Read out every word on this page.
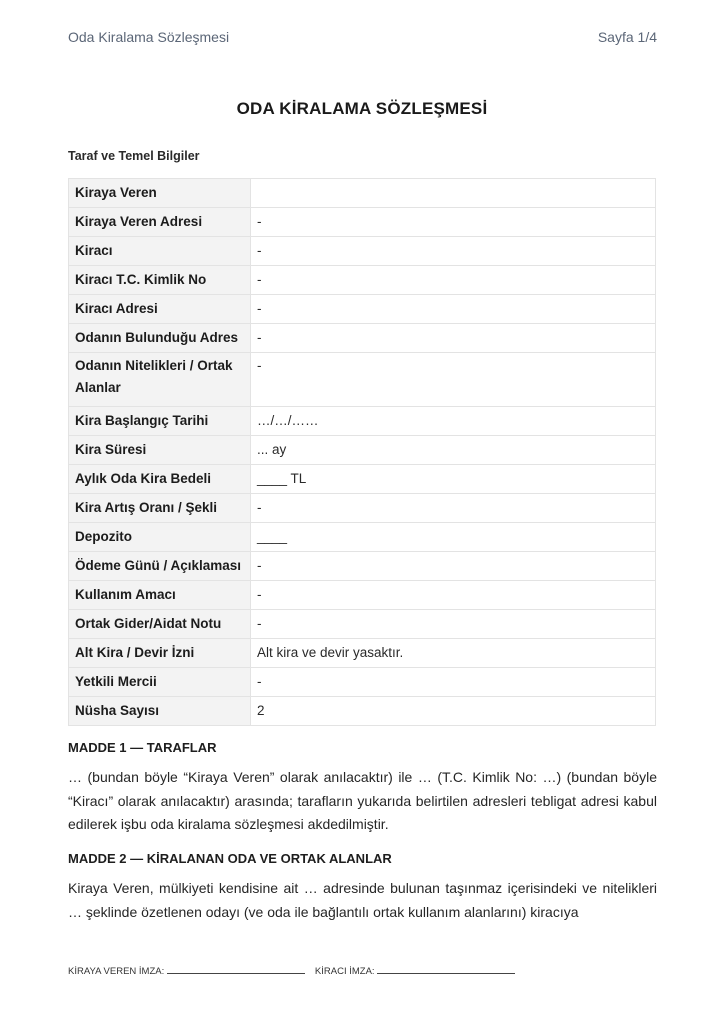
Oda Kiralama Sözleşmesi	Sayfa 1/4
ODA KİRALAMA SÖZLEŞMESİ
Taraf ve Temel Bilgiler
Kiraya Veren	
Kiraya Veren Adresi	-
Kiracı	-
Kiracı T.C. Kimlik No	-
Kiracı Adresi	-
Odanın Bulunduğu Adres	-
Odanın Nitelikleri / Ortak Alanlar	-
Kira Başlangıç Tarihi	…/…/……
Kira Süresi	... ay
Aylık Oda Kira Bedeli	____ TL
Kira Artış Oranı / Şekli	-
Depozito	____
Ödeme Günü / Açıklaması	-
Kullanım Amacı	-
Ortak Gider/Aidat Notu	-
Alt Kira / Devir İzni	Alt kira ve devir yasaktır.
Yetkili Mercii	-
Nüsha Sayısı	2
MADDE 1 — TARAFLAR
… (bundan böyle “Kiraya Veren” olarak anılacaktır) ile … (T.C. Kimlik No: …) (bundan böyle “Kiracı” olarak anılacaktır) arasında; tarafların yukarıda belirtilen adresleri tebligat adresi kabul edilerek işbu oda kiralama sözleşmesi akdedilmiştir.
MADDE 2 — KİRALANAN ODA VE ORTAK ALANLAR
Kiraya Veren, mülkiyeti kendisine ait … adresinde bulunan taşınmaz içerisindeki ve nitelikleri … şeklinde özetlenen odayı (ve oda ile bağlantılı ortak kullanım alanlarını) kiracıya
KİRAYA VEREN İMZA:	KİRACI İMZA:
